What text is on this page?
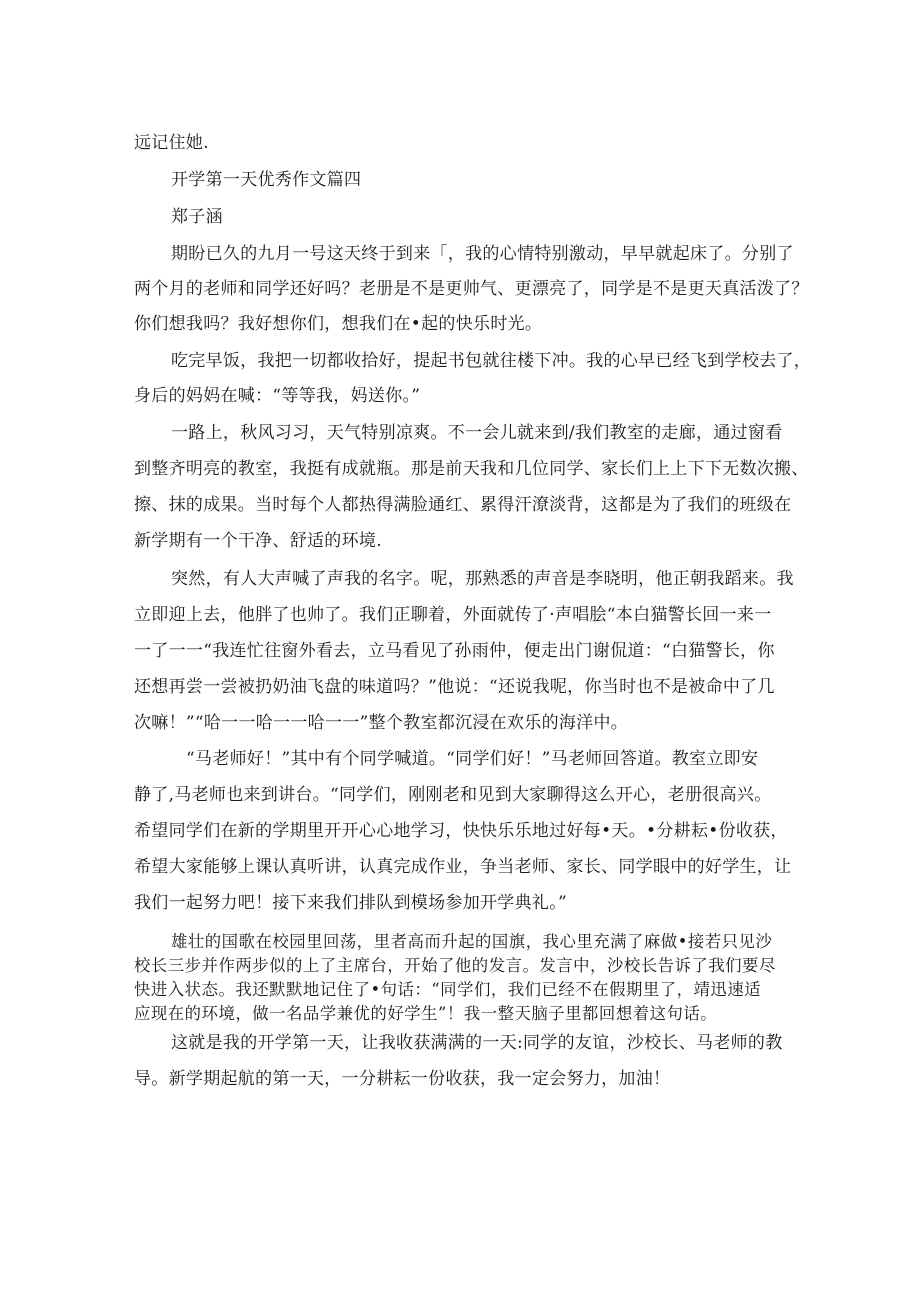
远记住她.

开学第一天优秀作文篇四

郑子涵

期盼已久的九月一号这天终于到来「，我的心情特别激动，早早就起床了。分别了

两个月的老师和同学还好吗？老册是不是更帅气、更漂亮了，同学是不是更天真活泼了？

你们想我吗？我好想你们，想我们在•起的快乐时光。

吃完早饭，我把一切都收拾好，提起书包就往楼下冲。我的心早已经飞到学校去了，

身后的妈妈在喊：“等等我，妈送你。”

一路上，秋风习习，天气特别凉爽。不一会儿就来到/我们教室的走廊，通过窗看

到整齐明亮的教室，我挺有成就瓶。那是前天我和几位同学、家长们上上下下无数次搬、

擦、抹的成果。当时每个人都热得满脸通红、累得汗潦淡背，这都是为了我们的班级在

新学期有一个干净、舒适的环境.

突然，有人大声喊了声我的名字。呢，那熟悉的声音是李晓明，他正朝我蹈来。我

立即迎上去，他胖了也帅了。我们正聊着，外面就传了·声唱脍“本白猫警长回一来一

一了一一“我连忙往窗外看去，立马看见了孙雨仲，便走出门谢侃道：“白猫警长，你

还想再尝一尝被扔奶油飞盘的味道吗？”他说：“还说我呢，你当时也不是被命中了几

次嘛！”“哈一一哈一一哈一一”整个教室都沉浸在欢乐的海洋中。

“马老师好！”其中有个同学喊道。“同学们好！”马老师回答道。教室立即安

静了,马老师也来到讲台。“同学们，刚刚老和见到大家聊得这么开心，老册很高兴。

希望同学们在新的学期里开开心心地学习，快快乐乐地过好每•天。•分耕耘•份收获，

希望大家能够上课认真听讲，认真完成作业，争当老师、家长、同学眼中的好学生，让

我们一起努力吧！接下来我们排队到模场参加开学典礼。”

雄壮的国歌在校园里回荡，里者高而升起的国旗，我心里充满了麻做•接若只见沙

校长三步并作两步似的上了主席台，开始了他的发言。发言中，沙校长告诉了我们要尽

快进入状态。我还默默地记住了•句话：“同学们，我们已经不在假期里了，靖迅速适

应现在的环境，做一名品学兼优的好学生”！我一整天脑子里都回想着这句话。

这就是我的开学第一天，让我收获满满的一天:同学的友谊，沙校长、马老师的教

导。新学期起航的第一天，一分耕耘一份收获，我一定会努力，加油！
